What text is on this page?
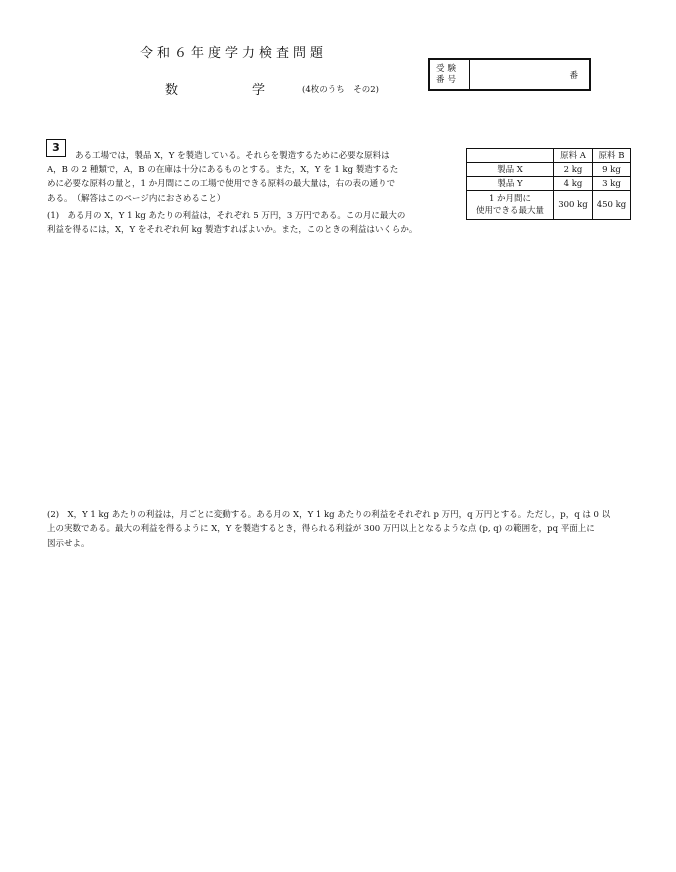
令和６年度学力検査問題
数	学	(4枚のうち　その2)
受験
番号	番
3
ある工場では，製品 X，Y を製造している。それらを製造するために必要な原料は
A，B の 2 種類で，A，B の在庫は十分にあるものとする。また，X，Y を 1 kg 製造するた
めに必要な原料の量と，1 か月間にこの工場で使用できる原料の最大量は，右の表の通りで
ある。　（解答はこのページ内におさめること）
(1)　ある月の X，Y 1 kg あたりの利益は，それぞれ 5 万円，3 万円である。この月に最大の
利益を得るには，X，Y をそれぞれ何 kg 製造すればよいか。また，このときの利益はいくらか。
	原料 A	原料 B
製品 X	2 kg	9 kg
製品 Y	4 kg	3 kg

1 か月間に
使用できる最大量	300 kg	450 kg
(2)　X，Y 1 kg あたりの利益は，月ごとに変動する。ある月の X，Y 1 kg あたりの利益をそれぞれ p 万円，q 万円とする。ただし，p，q は 0 以
上の実数である。最大の利益を得るように X，Y を製造するとき，得られる利益が 300 万円以上となるような点 (p, q) の範囲を，pq 平面上に
図示せよ。
